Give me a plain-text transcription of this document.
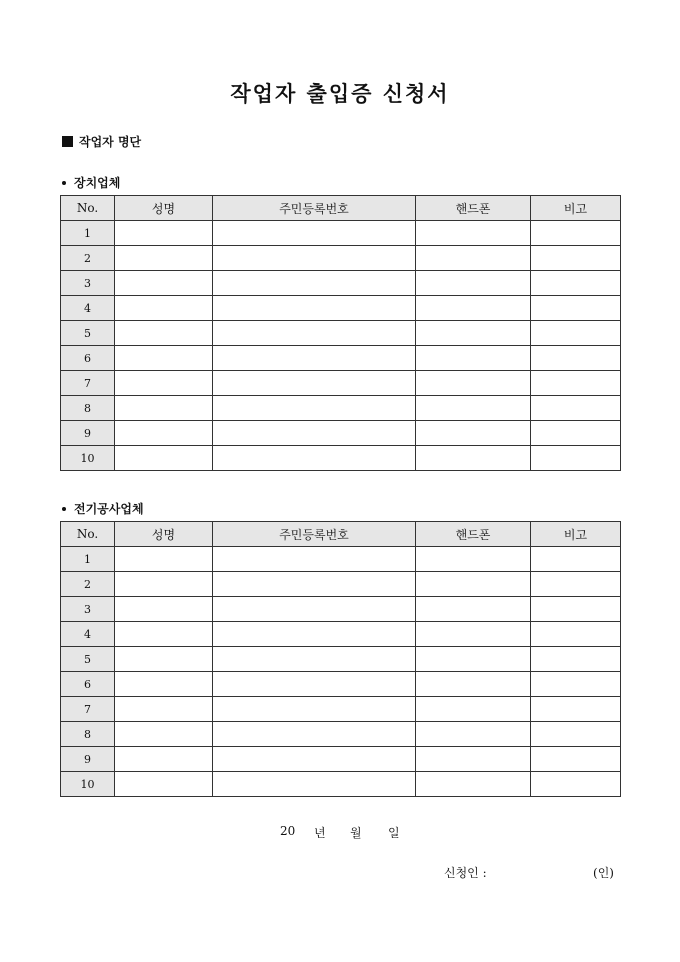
작업자 출입증 신청서
작업자 명단
장치업체
No.	성명	주민등록번호	핸드폰	비고
1				
2				
3				
4				
5				
6				
7				
8				
9				
10				
전기공사업체
No.	성명	주민등록번호	핸드폰	비고
1				
2				
3				
4				
5				
6				
7				
8				
9				
10				
20	년	월	일
신청인 :	(인)
